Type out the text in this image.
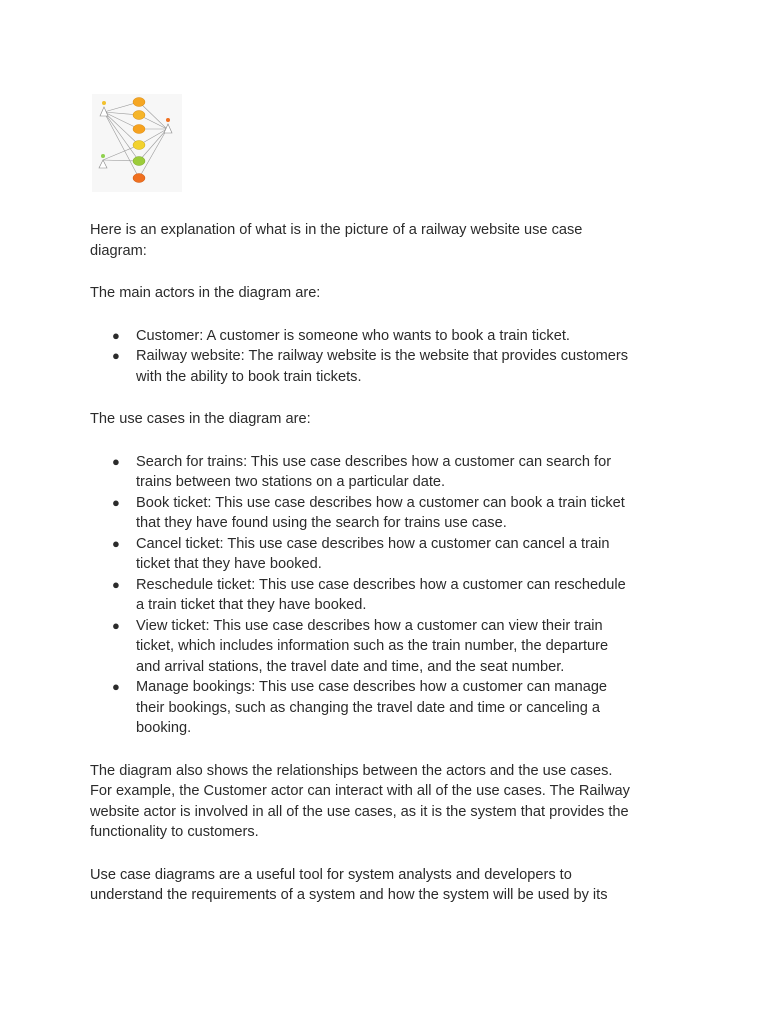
Here is an explanation of what is in the picture of a railway website use case diagram:

The main actors in the diagram are:

● Customer: A customer is someone who wants to book a train ticket.
● Railway website: The railway website is the website that provides customers with the ability to book train tickets.

The use cases in the diagram are:

● Search for trains: This use case describes how a customer can search for trains between two stations on a particular date.
● Book ticket: This use case describes how a customer can book a train ticket that they have found using the search for trains use case.
● Cancel ticket: This use case describes how a customer can cancel a train ticket that they have booked.
● Reschedule ticket: This use case describes how a customer can reschedule a train ticket that they have booked.
● View ticket: This use case describes how a customer can view their train ticket, which includes information such as the train number, the departure and arrival stations, the travel date and time, and the seat number.
● Manage bookings: This use case describes how a customer can manage their bookings, such as changing the travel date and time or canceling a booking.

The diagram also shows the relationships between the actors and the use cases. For example, the Customer actor can interact with all of the use cases. The Railway website actor is involved in all of the use cases, as it is the system that provides the functionality to customers.

Use case diagrams are a useful tool for system analysts and developers to understand the requirements of a system and how the system will be used by its
